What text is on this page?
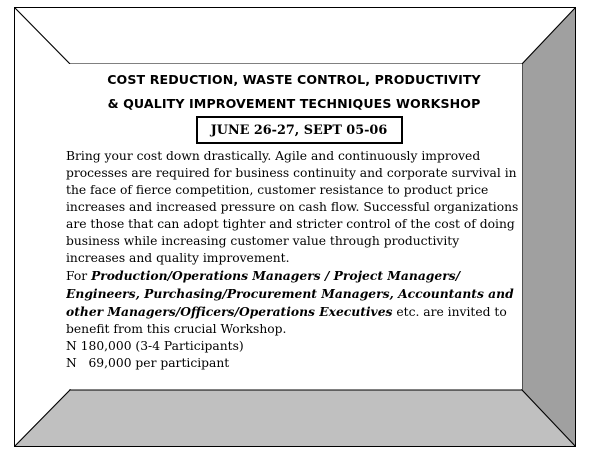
COST REDUCTION, WASTE CONTROL, PRODUCTIVITY
& QUALITY IMPROVEMENT TECHNIQUES WORKSHOP
JUNE 26-27, SEPT 05-06

Bring your cost down drastically. Agile and continuously improved processes are required for business continuity and corporate survival in the face of fierce competition, customer resistance to product price increases and increased pressure on cash flow. Successful organizations are those that can adopt tighter and stricter control of the cost of doing business while increasing customer value through productivity increases and quality improvement.

For Production/Operations Managers / Project Managers/ Engineers, Purchasing/Procurement Managers, Accountants and other Managers/Officers/Operations Executives etc. are invited to benefit from this crucial Workshop.

N 180,000 (3-4 Participants)

N   69,000 per participant
